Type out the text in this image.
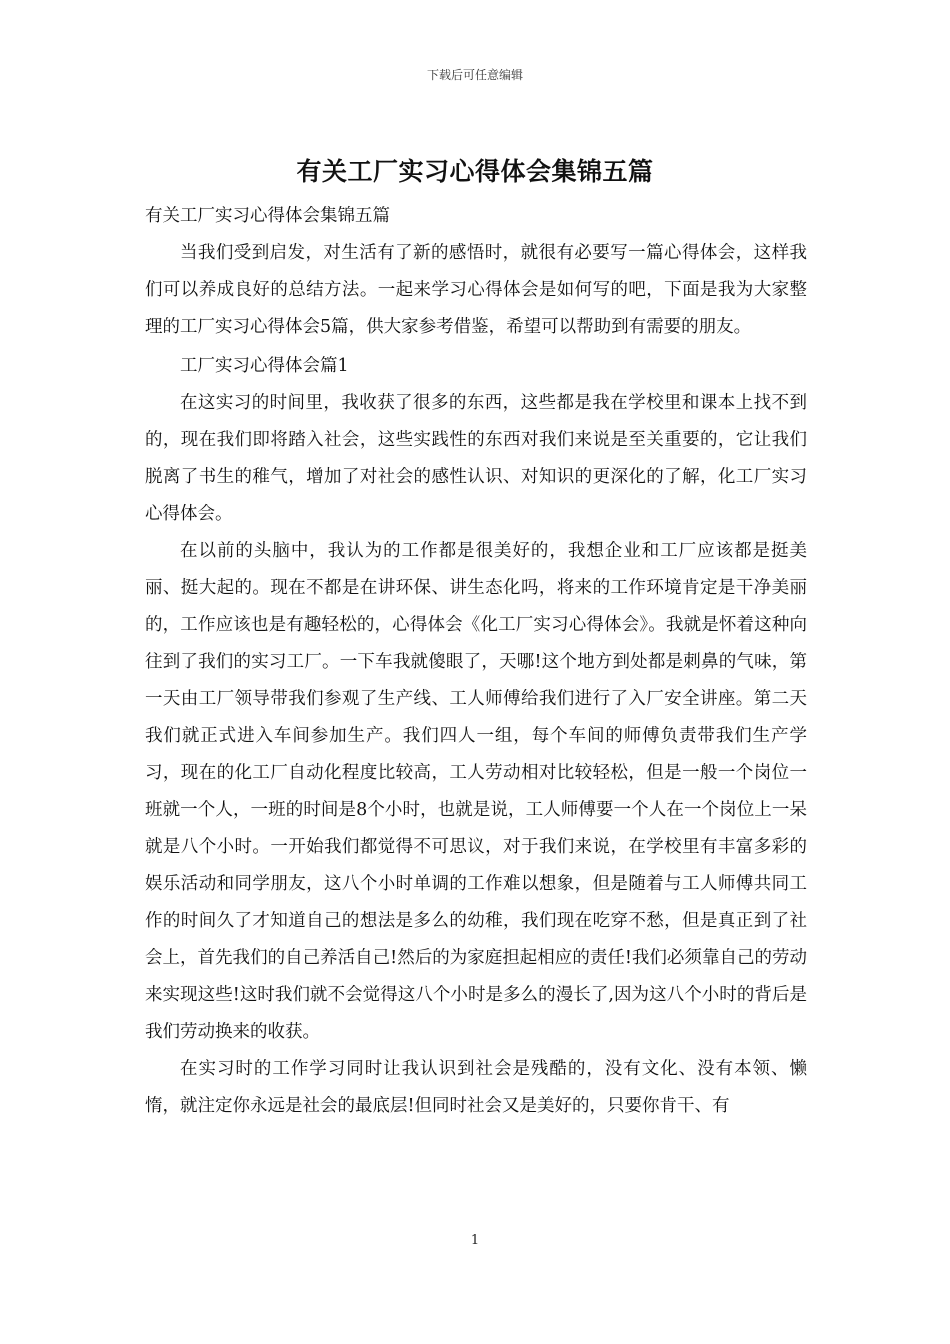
下载后可任意编辑
有关工厂实习心得体会集锦五篇

有关工厂实习心得体会集锦五篇

当我们受到启发，对生活有了新的感悟时，就很有必要写一篇心得体会，这样我们可以养成良好的总结方法。一起来学习心得体会是如何写的吧，下面是我为大家整理的工厂实习心得体会5篇，供大家参考借鉴，希望可以帮助到有需要的朋友。

工厂实习心得体会篇1

在这实习的时间里，我收获了很多的东西，这些都是我在学校里和课本上找不到的，现在我们即将踏入社会，这些实践性的东西对我们来说是至关重要的，它让我们脱离了书生的稚气，增加了对社会的感性认识、对知识的更深化的了解，化工厂实习心得体会。

在以前的头脑中，我认为的工作都是很美好的，我想企业和工厂应该都是挺美丽、挺大起的。现在不都是在讲环保、讲生态化吗，将来的工作环境肯定是干净美丽的，工作应该也是有趣轻松的，心得体会《化工厂实习心得体会》。我就是怀着这种向往到了我们的实习工厂。一下车我就傻眼了，天哪!这个地方到处都是刺鼻的气味，第一天由工厂领导带我们参观了生产线、工人师傅给我们进行了入厂安全讲座。第二天我们就正式进入车间参加生产。我们四人一组，每个车间的师傅负责带我们生产学习，现在的化工厂自动化程度比较高，工人劳动相对比较轻松，但是一般一个岗位一班就一个人，一班的时间是8个小时，也就是说，工人师傅要一个人在一个岗位上一呆就是八个小时。一开始我们都觉得不可思议，对于我们来说，在学校里有丰富多彩的娱乐活动和同学朋友，这八个小时单调的工作难以想象，但是随着与工人师傅共同工作的时间久了才知道自己的想法是多么的幼稚，我们现在吃穿不愁，但是真正到了社会上，首先我们的自己养活自己!然后的为家庭担起相应的责任!我们必须靠自己的劳动来实现这些!这时我们就不会觉得这八个小时是多么的漫长了,因为这八个小时的背后是我们劳动换来的收获。

在实习时的工作学习同时让我认识到社会是残酷的，没有文化、没有本领、懒惰，就注定你永远是社会的最底层!但同时社会又是美好的，只要你肯干、有

1
